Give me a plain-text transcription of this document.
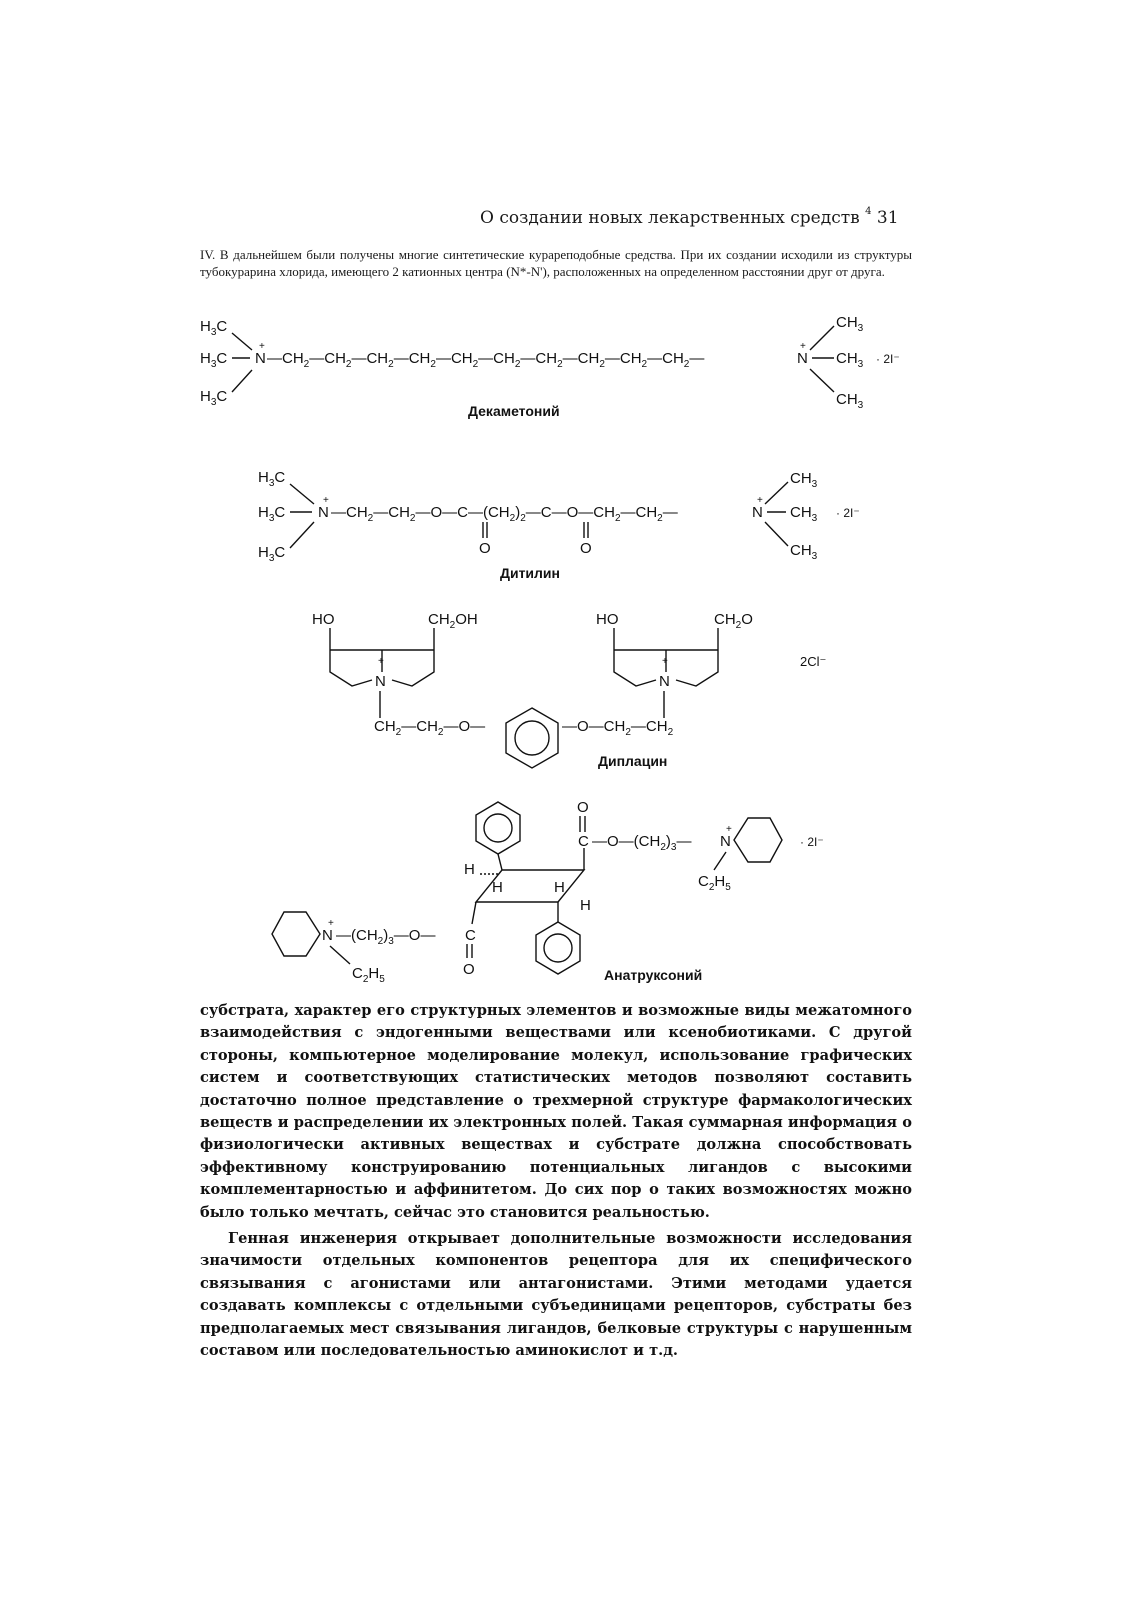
О создании новых лекарственных средств $^4$ 31
IV. В дальнейшем были получены многие синтетические курареподобные средства. При их создании исходили из структуры тубокурарина хлорида, имеющего 2 катионных центра (N*-N'), расположенных на определенном расстоянии друг от друга.
$H_3C$
$H_3C$
$H_3C$
+
N $—CH_2—CH_2—CH_2—CH_2—CH_2—CH_2—CH_2—CH_2—CH_2—CH_2—$
+
N
$CH_3$
$CH_3$
$CH_3$
· 2I⁻
Декаметоний
$H_3C$
$H_3C$
$H_3C$
+
N $—CH_2—CH_2—O—C—(CH_2)_2—C—O—CH_2—CH_2—$
O	O
+
N
$CH_3$
$CH_3$
$CH_3$
· 2I⁻
Дитилин
HO	$CH_2OH$
+
N
$CH_2—CH_2—O—$	$—O—CH_2—CH_2$
HO	$CH_2O$
+
N
2Cl⁻
Диплацин
H
H	H
H
C
O
$—O—(CH_2)_3—$
+
N
$C_2H_5$
· 2I⁻
C
O
$—(CH_2)_3—O—$
+
N
$C_2H_5$	Анатруксоний

субстрата, характер его структурных элементов и возможные виды межатомного взаимодействия с эндогенными веществами или ксенобиотиками. С другой стороны, компьютерное моделирование молекул, использование графических систем и соответствующих статистических методов позволяют составить достаточно полное представление о трехмерной структуре фармакологических веществ и распределении их электронных полей. Такая суммарная информация о физиологически активных веществах и субстрате должна способствовать эффективному конструированию потенциальных лигандов с высокими комплементарностью и аффинитетом. До сих пор о таких возможностях можно было только мечтать, сейчас это становится реальностью.

Генная инженерия открывает дополнительные возможности исследования значимости отдельных компонентов рецептора для их специфического связывания с агонистами или антагонистами. Этими методами удается создавать комплексы с отдельными субъединицами рецепторов, субстраты без предполагаемых мест связывания лигандов, белковые структуры с нарушенным составом или последовательностью аминокислот и т.д.
